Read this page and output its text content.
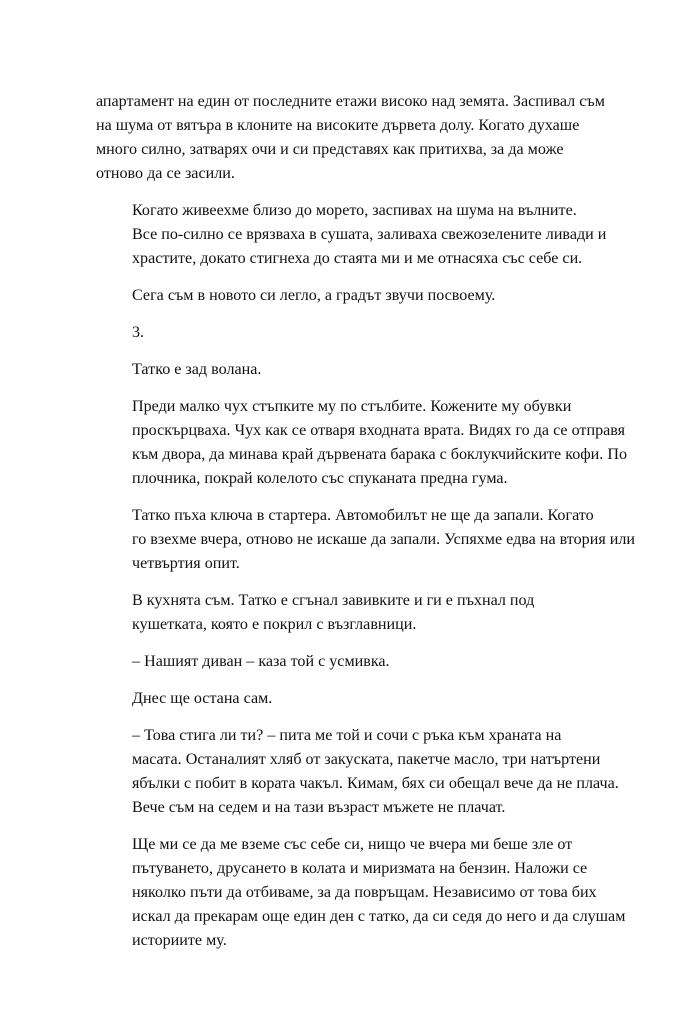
апартамент на един от последните етажи високо над земята. Заспивал съм
на шума от вятъра в клоните на високите дървета долу. Когато духаше
много силно, затварях очи и си представях как притихва, за да може
отново да се засили.

Когато живеехме близо до морето, заспивах на шума на вълните.
Все по-силно се врязваха в сушата, заливаха свежозелените ливади и
храстите, докато стигнеха до стаята ми и ме отнасяха със себе си.

Сега съм в новото си легло, а градът звучи посвоему.

3.

Татко е зад волана.

Преди малко чух стъпките му по стълбите. Кожените му обувки
проскърцваха. Чух как се отваря входната врата. Видях го да се отправя
към двора, да минава край дървената барака с боклукчийските кофи. По
плочника, покрай колелото със спуканата предна гума.

Татко пъха ключа в стартера. Автомобилът не ще да запали. Когато
го взехме вчера, отново не искаше да запали. Успяхме едва на втория или
четвъртия опит.

В кухнята съм. Татко е сгънал завивките и ги е пъхнал под
кушетката, която е покрил с възглавници.

– Нашият диван – каза той с усмивка.

Днес ще остана сам.

– Това стига ли ти? – пита ме той и сочи с ръка към храната на
масата. Останалият хляб от закуската, пакетче масло, три натъртени
ябълки с побит в кората чакъл. Кимам, бях си обещал вече да не плача.
Вече съм на седем и на тази възраст мъжете не плачат.

Ще ми се да ме вземе със себе си, нищо че вчера ми беше зле от
пътуването, друсането в колата и миризмата на бензин. Наложи се
няколко пъти да отбиваме, за да повръщам. Независимо от това бих
искал да прекарам още един ден с татко, да си седя до него и да слушам
историите му.
